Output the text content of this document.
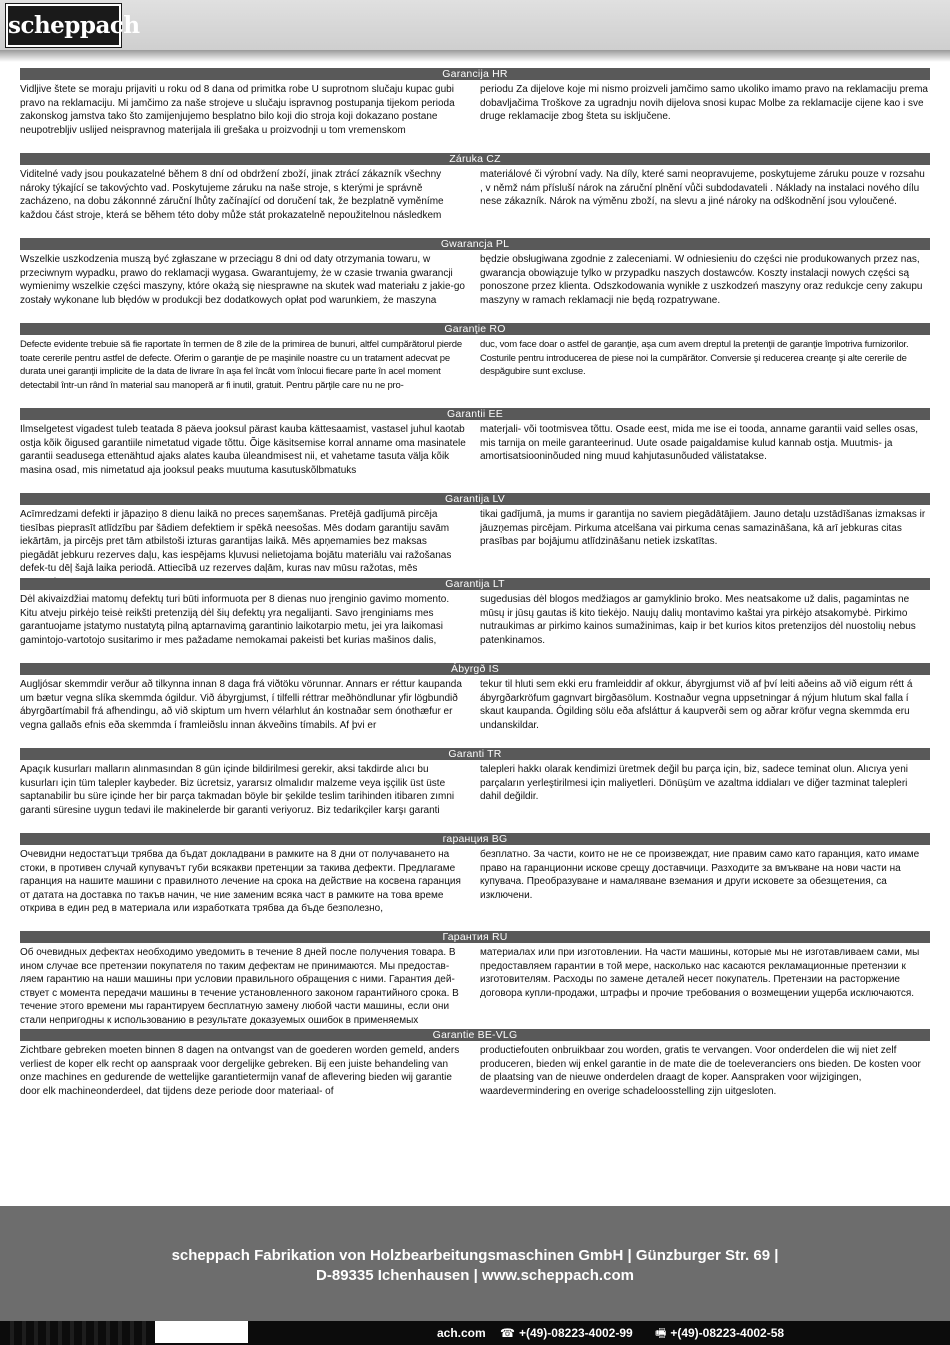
scheppach
Garancija HR
Vidljive štete se moraju prijaviti u roku od 8 dana od primitka robe U suprotnom slučaju kupac gubi pravo na reklamaciju. Mi jamčimo za naše strojeve u slučaju ispravnog postupanja tijekom perioda zakonskog jamstva tako što zamijenjujemo besplatno bilo koji dio stroja koji dokazano postane neupotrebljiv uslijed neispravnog materijala ili grešaka u proizvodnji u tom vremenskom
periodu Za dijelove koje mi nismo proizveli jamčimo samo ukoliko imamo pravo na reklamaciju prema dobavljačima Troškove za ugradnju novih dijelova snosi kupac Molbe za reklamacije cijene kao i sve druge reklamacije zbog šteta su isključene.
Záruka CZ
Viditelné vady jsou poukazatelné během 8 dní od obdržení zboží, jinak ztrácí zákazník všechny nároky týkající se takovýchto vad. Poskytujeme záruku na naše stroje, s kterými je správně zacházeno, na dobu zákonnné záruční lhůty začínající od doručení tak, že bezplatně vyměníme každou část stroje, která se během této doby může stát prokazatelně nepoužitelnou následkem
materiálové či výrobní vady. Na díly, které sami neopravujeme, poskytujeme záruku pouze v rozsahu , v němž nám přísluší nárok na záruční plnění vůči subdodavateli . Náklady na instalaci nového dílu nese zákazník. Nárok na výměnu zboží, na slevu a jiné nároky na odškodnění jsou vyloučené.
Gwarancja PL
Wszelkie uszkodzenia muszą być zgłaszane w przeciągu 8 dni od daty otrzymania towaru, w przeciwnym wypadku, prawo do reklamacji wygasa. Gwarantujemy, że w czasie trwania gwarancji wymienimy wszelkie części maszyny, które okażą się niesprawne na skutek wad materiału z jakie-go zostały wykonane lub błędów w produkcji bez dodatkowych opłat pod warunkiem, że maszyna
będzie obsługiwana zgodnie z zaleceniami. W odniesieniu do części nie produkowanych przez nas, gwarancja obowiązuje tylko w przypadku naszych dostawców. Koszty instalacji nowych części są ponoszone przez klienta. Odszkodowania wynikłe z uszkodzeń maszyny oraz redukcje ceny zakupu maszyny w ramach reklamacji nie będą rozpatrywane.
Garanţie RO
Defecte evidente trebuie să fie raportate în termen de 8 zile de la primirea de bunuri, altfel cumpărătorul pierde toate cererile pentru astfel de defecte. Oferim o garanţie de pe maşinile noastre cu un tratament adecvat pe durata unei garanţii implicite de la data de livrare în aşa fel încât vom înlocui fiecare parte în acel moment detectabil într-un rând în material sau manoperă ar fi inutil, gratuit. Pentru părţile care nu ne pro-
duc, vom face doar o astfel de garanţie, aşa cum avem dreptul la pretenţii de garanţie împotriva furnizorilor. Costurile pentru introducerea de piese noi la cumpărător. Conversie şi reducerea creanţe şi alte cererile de despăgubire sunt excluse.
Garantii EE
Ilmselgetest vigadest tuleb teatada 8 päeva jooksul pärast kauba kättesaamist, vastasel juhul kaotab ostja kõik õigused garantiile nimetatud vigade tõttu. Õige käsitsemise korral anname oma masinatele garantii seadusega ettenähtud ajaks alates kauba üleandmisest nii, et vahetame tasuta välja kõik masina osad, mis nimetatud aja jooksul peaks muutuma kasutuskõlbmatuks
materjali- või tootmisvea tõttu. Osade eest, mida me ise ei tooda, anname garantii vaid selles osas, mis tarnija on meile garanteerinud. Uute osade paigaldamise kulud kannab ostja. Muutmis- ja amortisatsiooninõuded ning muud kahjutasunõuded välistatakse.
Garantija LV
Acīmredzami defekti ir jāpaziņo 8 dienu laikā no preces saņemšanas. Pretējā gadījumā pircēja tiesības pieprasīt atlīdzību par šādiem defektiem ir spēkā neesošas. Mēs dodam garantiju savām iekārtām, ja pircējs pret tām atbilstoši izturas garantijas laikā. Mēs apņemamies bez maksas piegādāt jebkuru rezerves daļu, kas iespējams kļuvusi nelietojama bojātu materiālu vai ražošanas defek-tu dēļ šajā laika periodā. Attiecībā uz rezerves daļām, kuras nav mūsu ražotas, mēs
tikai gadījumā, ja mums ir garantija no saviem piegādātājiem. Jauno detaļu uzstādīšanas izmaksas ir jāuzņemas pircējam. Pirkuma atcelšana vai pirkuma cenas samazināšana, kā arī jebkuras citas prasības par bojājumu atlīdzināšanu netiek izskatītas.
Garantija LT
Dėl akivaizdžiai matomų defektų turi būti informuota per 8 dienas nuo įrenginio gavimo momento. Kitu atveju pirkėjo teisė reikšti pretenziją dėl šių defektų yra negalijanti. Savo įrenginiams mes garantuojame įstatymo nustatytą pilną aptarnavimą garantinio laikotarpio metu, jei yra laikomasi gamintojo-vartotojo susitarimo ir mes pažadame nemokamai pakeisti bet kurias mašinos dalis,
sugedusias dėl blogos medžiagos ar gamyklinio broko. Mes neatsakome už dalis, pagamintas ne mūsų ir jūsų gautas iš kito tiekėjo. Naujų dalių montavimo kaštai yra pirkėjo atsakomybė. Pirkimo nutraukimas ar pirkimo kainos sumažinimas, kaip ir bet kurios kitos pretenzijos dėl nuostolių nebus patenkinamos.
Ábyrgð IS
Augljósar skemmdir verður að tilkynna innan 8 daga frá viðtöku vörunnar. Annars er réttur kaupanda um bætur vegna slíka skemmda ógildur. Við ábyrgjumst, í tilfelli réttrar meðhöndlunar yfir lögbundið ábyrgðartímabil frá afhendingu, að við skiptum um hvern vélarhlut án kostnaðar sem ónothæfur er vegna gallaðs efnis eða skemmda í framleiðslu innan ákveðins tímabils. Af þvi er
tekur til hluti sem ekki eru framleiddir af okkur, ábyrgjumst við af því leiti aðeins að við eigum rétt á ábyrgðarkröfum gagnvart birgðasölum. Kostnaður vegna uppsetningar á nýjum hlutum skal falla í skaut kaupanda. Ógilding sölu eða afsláttur á kaupverði sem og aðrar kröfur vegna skemmda eru undanskildar.
Garanti TR
Apaçık kusurları malların alınmasından 8 gün içinde bildirilmesi gerekir, aksi takdirde alıcı bu kusurları için tüm talepler kaybeder. Biz ücretsiz, yararsız olmalıdır malzeme veya işçilik üst üste saptanabilir bu süre içinde her bir parça takmadan böyle bir şekilde teslim tarihinden itibaren zımni garanti süresine uygun tedavi ile makinelerde bir garanti veriyoruz. Biz tedarikçiler karşı garanti
talepleri hakkı olarak kendimizi üretmek değil bu parça için, biz, sadece teminat olun. Alıcıya yeni parçaların yerleştirilmesi için maliyetleri. Dönüşüm ve azaltma iddiaları ve diğer tazminat talepleri dahil değildir.
гаранция BG
Очевидни недостатъци трябва да бъдат докладвани в рамките на 8 дни от получаването на стоки, в противен случай купувачът губи всякакви претенции за такива дефекти. Предлагаме гаранция на нашите машини с правилното лечение на срока на действие на косвена гаранция от датата на доставка по такъв начин, че ние заменим всяка част в рамките на това време открива в един ред в материала или изработката трябва да бъде безполезно,
безплатно. За части, които не не се произвеждат, ние правим само като гаранция, като имаме право на гаранционни искове срещу доставчици. Разходите за вмъкване на нови части на купувача. Преобразуване и намаляване вземания и други исковете за обезщетения, са изключени.
Гарантия RU
Об очевидных дефектах необходимо уведомить в течение 8 дней после получения товара. В ином случае все претензии покупателя по таким дефектам не принимаются. Мы предостав-ляем гарантию на наши машины при условии правильного обращения с ними. Гарантия дей-ствует с момента передачи машины в течение установленного законом гарантийного срока. В течение этого времени мы гарантируем бесплатную замену любой части машины, если они стали непригодны к использованию в результате доказуемых ошибок в применяемых
материалах или при изготовлении. На части машины, которые мы не изготавливаем сами, мы предоставляем гарантии в той мере, насколько нас касаются рекламационные претензии к изготовителям. Расходы по замене деталей несет покупатель. Претензии на расторжение договора купли-продажи, штрафы и прочие требования о возмещении ущерба исключаются.
Garantie BE-VLG
Zichtbare gebreken moeten binnen 8 dagen na ontvangst van de goederen worden gemeld, anders verliest de koper elk recht op aanspraak voor dergelijke gebreken. Bij een juiste behandeling van onze machines en gedurende de wettelijke garantietermijn vanaf de aflevering bieden wij garantie door elk machineonderdeel, dat tijdens deze periode door materiaal- of
productiefouten onbruikbaar zou worden, gratis te vervangen. Voor onderdelen die wij niet zelf produceren, bieden wij enkel garantie in de mate die de toeleveranciers ons bieden. De kosten voor de plaatsing van de nieuwe onderdelen draagt de koper. Aanspraken voor wijzigingen, waardevermindering en overige schadeloosstelling zijn uitgesloten.
scheppach Fabrikation von Holzbearbeitungsmaschinen GmbH | Günzburger Str. 69 |
D-89335 Ichenhausen | www.scheppach.com
ach.com ☎ +(49)-08223-4002-99 🖷 +(49)-08223-4002-58
